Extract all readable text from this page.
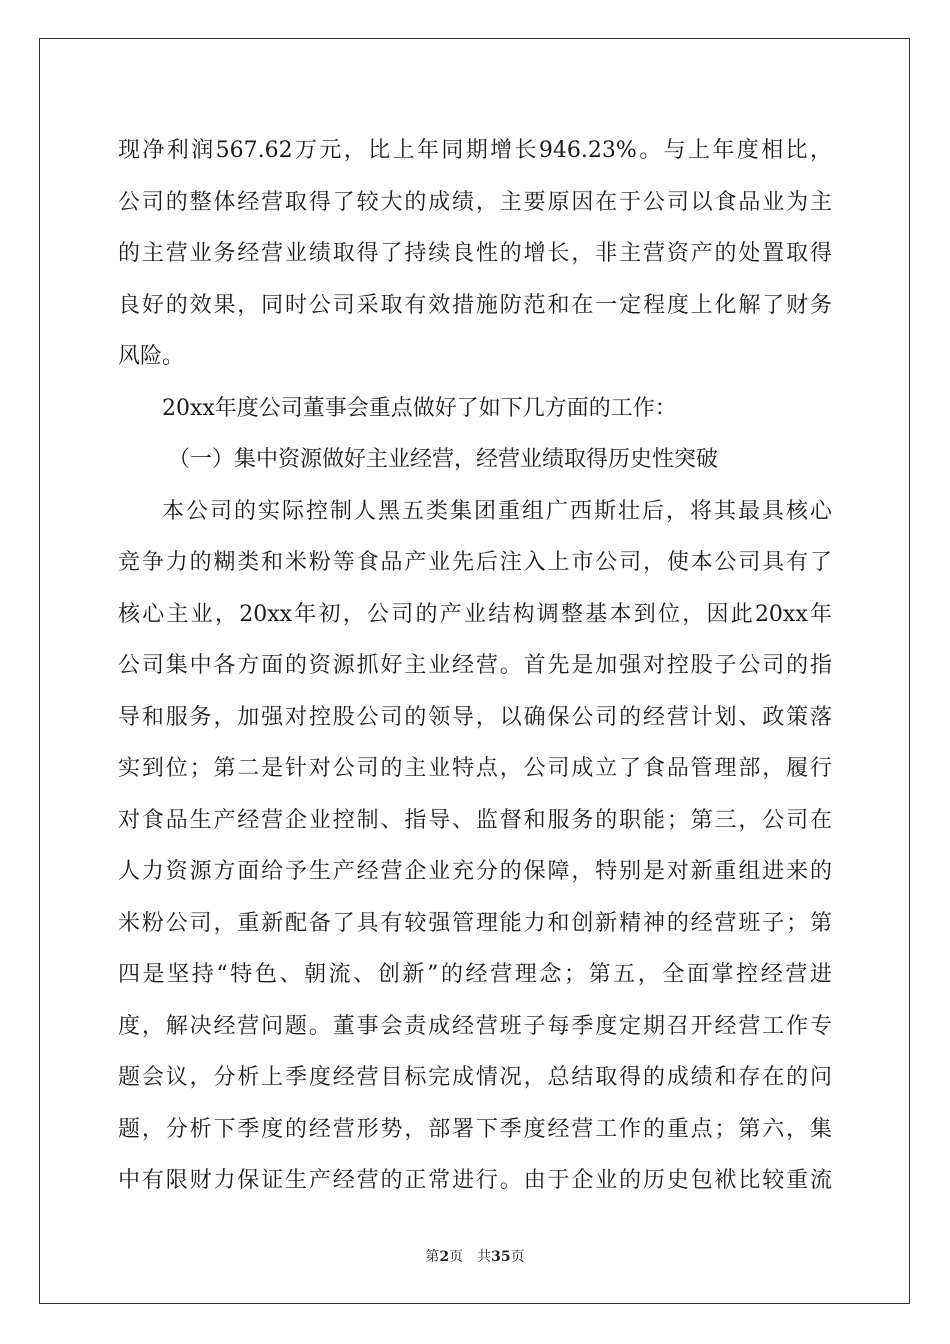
现净利润567.62万元，比上年同期增长946.23%。与上年度相比，
公司的整体经营取得了较大的成绩，主要原因在于公司以食品业为主
的主营业务经营业绩取得了持续良性的增长，非主营资产的处置取得
良好的效果，同时公司采取有效措施防范和在一定程度上化解了财务
风险。
20xx年度公司董事会重点做好了如下几方面的工作：
（一）集中资源做好主业经营，经营业绩取得历史性突破
本公司的实际控制人黑五类集团重组广西斯壮后，将其最具核心
竞争力的糊类和米粉等食品产业先后注入上市公司，使本公司具有了
核心主业，20xx年初，公司的产业结构调整基本到位，因此20xx年
公司集中各方面的资源抓好主业经营。首先是加强对控股子公司的指
导和服务，加强对控股公司的领导，以确保公司的经营计划、政策落
实到位；第二是针对公司的主业特点，公司成立了食品管理部，履行
对食品生产经营企业控制、指导、监督和服务的职能；第三，公司在
人力资源方面给予生产经营企业充分的保障，特别是对新重组进来的
米粉公司，重新配备了具有较强管理能力和创新精神的经营班子；第
四是坚持“特色、朝流、创新”的经营理念；第五，全面掌控经营进
度，解决经营问题。董事会责成经营班子每季度定期召开经营工作专
题会议，分析上季度经营目标完成情况，总结取得的成绩和存在的问
题，分析下季度的经营形势，部署下季度经营工作的重点；第六，集
中有限财力保证生产经营的正常进行。由于企业的历史包袱比较重流
第2页 共35页
